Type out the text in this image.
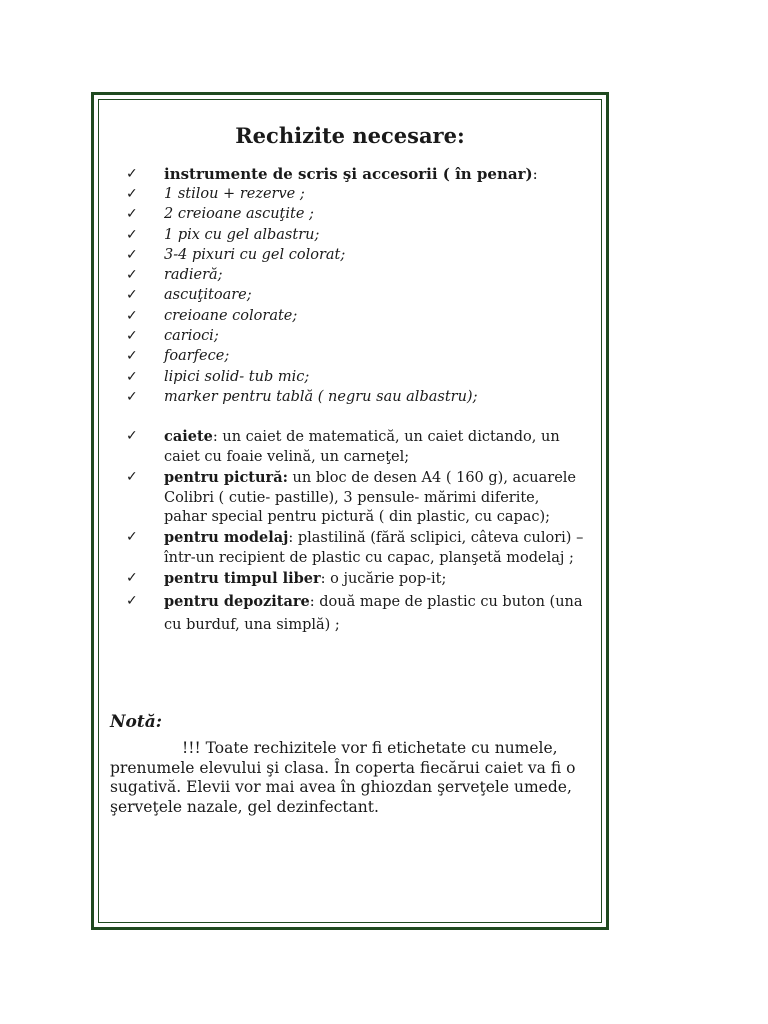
Rechizite necesare:
✓ instrumente de scris şi accesorii ( în penar):
✓ 1 stilou + rezerve ;
✓ 2 creioane ascuţite ;
✓ 1 pix cu gel albastru;
✓ 3-4 pixuri cu gel colorat;
✓ radieră;
✓ ascuţitoare;
✓ creioane colorate;
✓ carioci;
✓ foarfece;
✓ lipici solid- tub mic;
✓ marker pentru tablă ( negru sau albastru);
✓ caiete: un caiet de matematică, un caiet dictando, un caiet cu foaie velină, un carneţel;
✓ pentru pictură: un bloc de desen A4 ( 160 g), acuarele Colibri ( cutie- pastille), 3 pensule- mărimi diferite, pahar special pentru pictură ( din plastic, cu capac);
✓ pentru modelaj: plastilină (fără sclipici, câteva culori) – într-un recipient de plastic cu capac, planşetă modelaj ;
✓ pentru timpul liber: o jucărie pop-it;
✓ pentru depozitare: două mape de plastic cu buton (una cu burduf, una simplă) ;
Notă:
!!! Toate rechizitele vor fi etichetate cu numele, prenumele elevului şi clasa. În coperta fiecărui caiet va fi o sugativă. Elevii vor mai avea în ghiozdan şerveţele umede, şerveţele nazale, gel dezinfectant.
